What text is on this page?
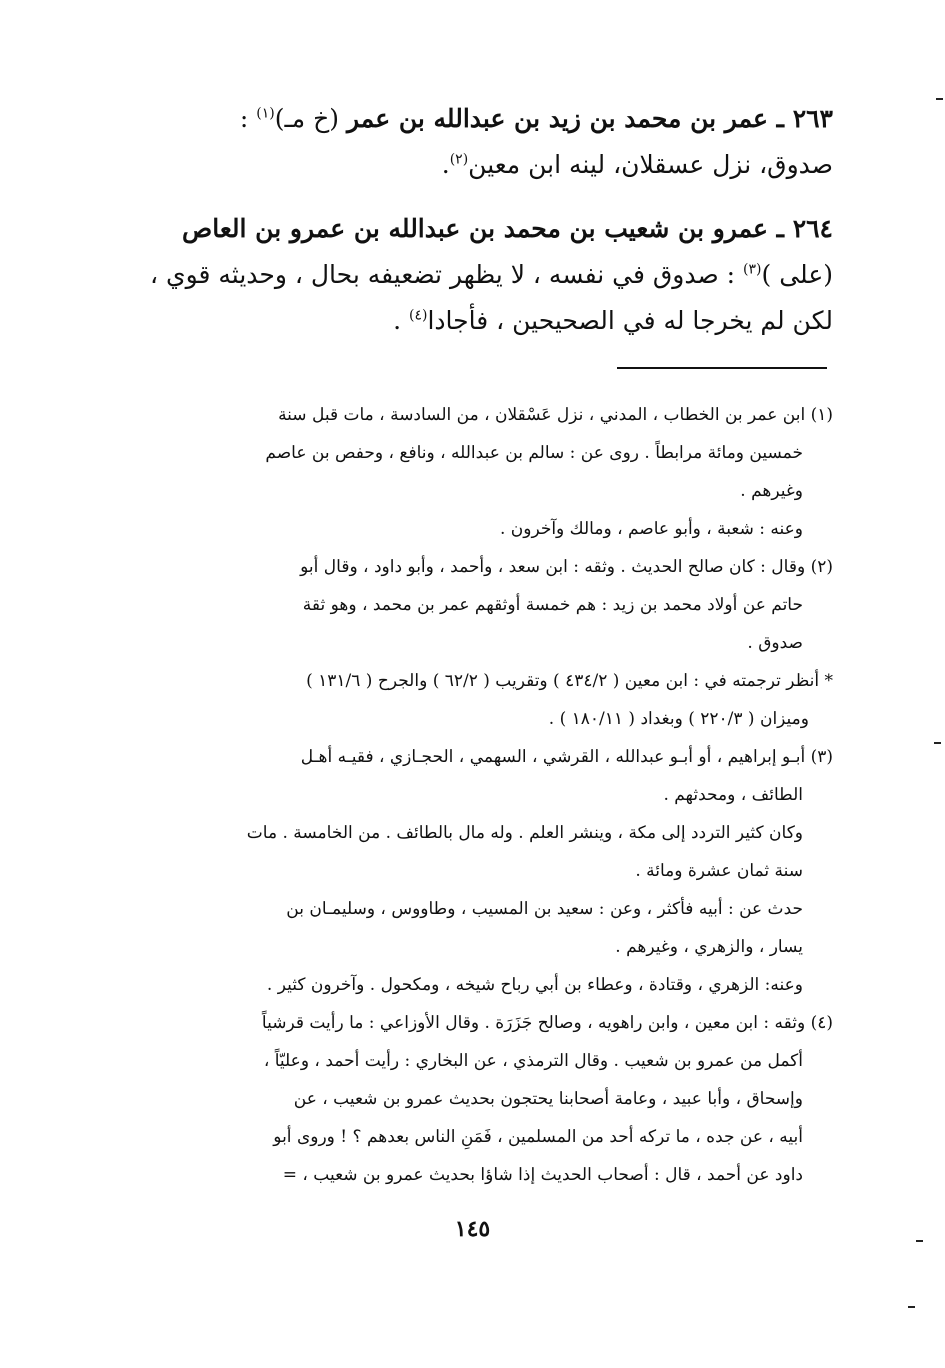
٢٦٣ ـ عمر بن محمد بن زيد بن عبدالله بن عمر (خ مـ)$^{(١)}$ :

صدوق، نزل عسقلان، لينه ابن معين$^{(٢)}$.

٢٦٤ ـ عمرو بن شعيب بن محمد بن عبدالله بن عمرو بن العاص

(على )$^{(٣)}$ : صدوق في نفسه ، لا يظهر تضعيفه بحال ، وحديثه قوي ،

لكن لم يخرجا له في الصحيحين ، فأجادا$^{(٤)}$ .

(١) ابن عمر بن الخطاب ، المدني ، نزل عَسْقلان ، من السادسة ، مات قبل سنة

خمسين ومائة مرابطاً . روى عن : سالم بن عبدالله ، ونافع ، وحفص بن عاصم

وغيرهم .

وعنه : شعبة ، وأبو عاصم ، ومالك وآخرون .

(٢) وقال : كان صالح الحديث . وثقه : ابن سعد ، وأحمد ، وأبو داود ، وقال أبو

حاتم عن أولاد محمد بن زيد : هم خمسة أوثقهم عمر بن محمد ، وهو ثقة

صدوق .

* أنظر ترجمته في : ابن معين ( ٤٣٤/٢ ) وتقريب ( ٦٢/٢ ) والجرح ( ١٣١/٦ )

وميزان ( ٢٢٠/٣ ) وبغداد ( ١٨٠/١١ ) .

(٣) أبـو إبراهيم ، أو أبـو عبدالله ، القرشي ، السهمي ، الحجـازي ، فقيـه أهـل

الطائف ، ومحدثهم .

وكان كثير التردد إلى مكة ، وينشر العلم . وله مال بالطائف . من الخامسة . مات

سنة ثمان عشرة ومائة .

حدث عن : أبيه فأكثر ، وعن : سعيد بن المسيب ، وطاووس ، وسليمـان بن

يسار ، والزهري ، وغيرهم .

وعنه: الزهري ، وقتادة ، وعطاء بن أبي رباح شيخه ، ومكحول . وآخرون كثير .

(٤) وثقه : ابن معين ، وابن راهويه ، وصالح جَزَرَة . وقال الأوزاعي : ما رأيت قرشياً

أكمل من عمرو بن شعيب . وقال الترمذي ، عن البخاري : رأيت أحمد ، وعليّاً ،

وإسحاق ، وأبا عبيد ، وعامة أصحابنا يحتجون بحديث عمرو بن شعيب ، عن

أبيه ، عن جده ، ما تركه أحد من المسلمين ، فَمَنِ الناس بعدهم ؟ ! وروى أبو

داود عن أحمد ، قال : أصحاب الحديث إذا شاؤا بحديث عمرو بن شعيب ، =

١٤٥
